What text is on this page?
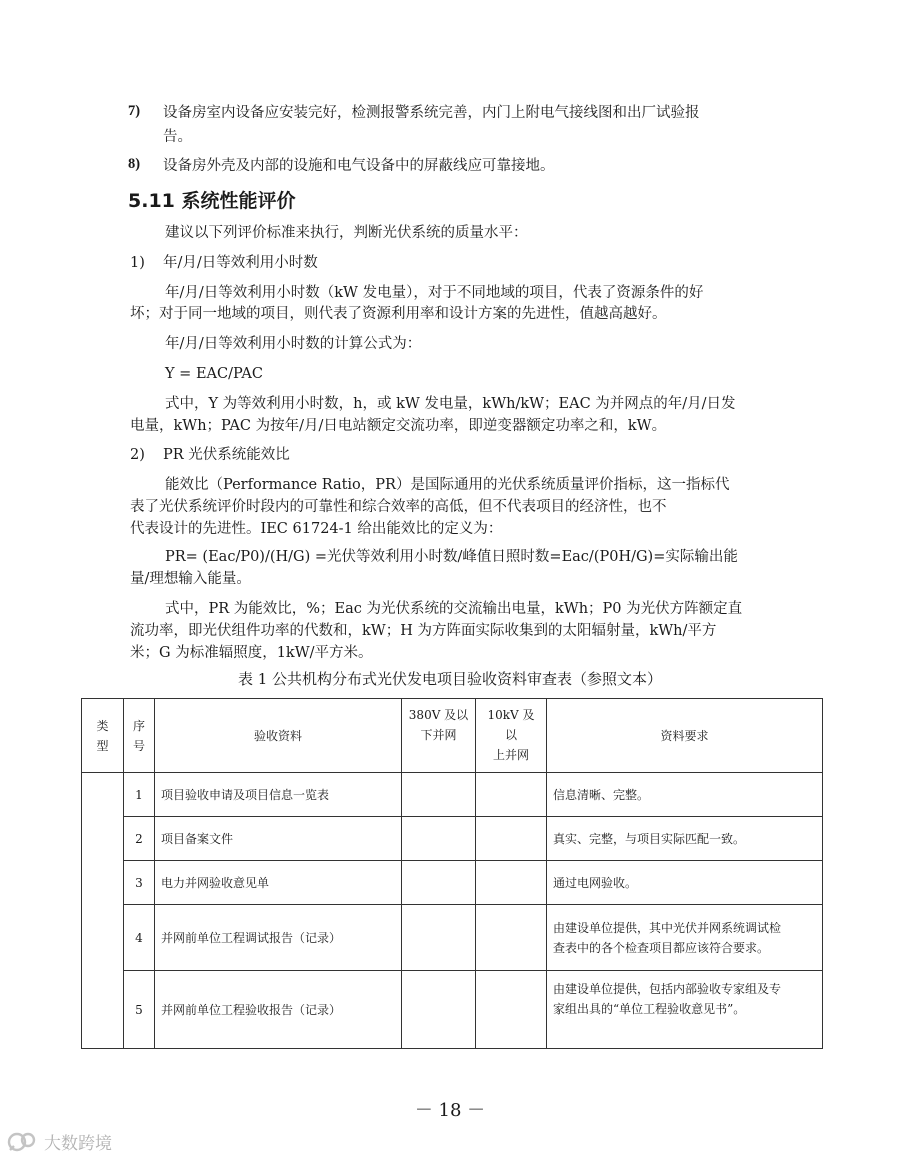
7) 设备房室内设备应安装完好，检测报警系统完善，内门上附电气接线图和出厂试验报
告。
8) 设备房外壳及内部的设施和电气设备中的屏蔽线应可靠接地。
5.11 系统性能评价
建议以下列评价标准来执行，判断光伏系统的质量水平：
1) 年/月/日等效利用小时数
年/月/日等效利用小时数（kW 发电量），对于不同地域的项目，代表了资源条件的好
坏；对于同一地域的项目，则代表了资源利用率和设计方案的先进性，值越高越好。
年/月/日等效利用小时数的计算公式为：
Y = EAC/PAC
式中，Y 为等效利用小时数，h，或 kW 发电量，kWh/kW；EAC 为并网点的年/月/日发
电量，kWh；PAC 为按年/月/日电站额定交流功率，即逆变器额定功率之和，kW。
2) PR 光伏系统能效比
能效比（Performance Ratio，PR）是国际通用的光伏系统质量评价指标，这一指标代
表了光伏系统评价时段内的可靠性和综合效率的高低，但不代表项目的经济性，也不
代表设计的先进性。IEC 61724-1 给出能效比的定义为：
PR= (Eac/P0)/(H/G) =光伏等效利用小时数/峰值日照时数=Eac/(P0H/G)=实际输出能
量/理想输入能量。
式中，PR 为能效比，%；Eac 为光伏系统的交流输出电量，kWh；P0 为光伏方阵额定直
流功率，即光伏组件功率的代数和，kW；H 为方阵面实际收集到的太阳辐射量，kWh/平方
米；G 为标准辐照度，1kW/平方米。
表 1 公共机构分布式光伏发电项目验收资料审查表（参照文本）
类
型	序
号	验收资料	380V 及以
下并网	10kV 及以
上并网	资料要求
	1	项目验收申请及项目信息一览表			信息清晰、完整。
	2	项目备案文件			真实、完整，与项目实际匹配一致。
	3	电力并网验收意见单			通过电网验收。
	4	并网前单位工程调试报告（记录）			由建设单位提供，其中光伏并网系统调试检
查表中的各个检查项目都应该符合要求。
	5	并网前单位工程验收报告（记录）			由建设单位提供，包括内部验收专家组及专
家组出具的“单位工程验收意见书”。
－ 18 －
大数跨境
